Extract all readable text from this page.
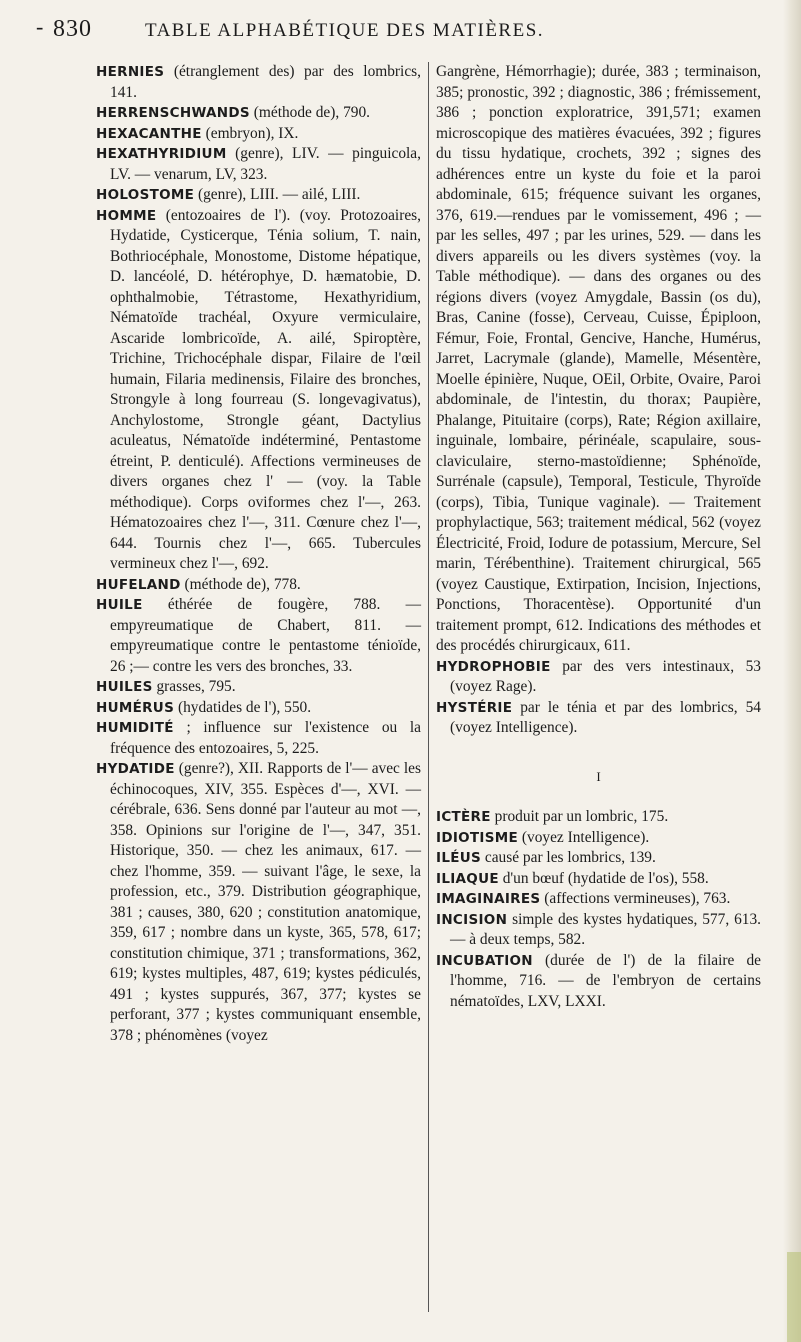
- 830	TABLE ALPHABÉTIQUE DES MATIÈRES.
HERNIES (étranglement des) par des lombrics, 141.
HERRENSCHWANDS (méthode de), 790.
HEXACANTHE (embryon), IX.
HEXATHYRIDIUM (genre), LIV. — pinguicola, LV. — venarum, LV, 323.
HOLOSTOME (genre), LIII. — ailé, LIII.
HOMME (entozoaires de l'). (voy. Protozoaires, Hydatide, Cysticerque, Ténia solium, T. nain, Bothriocéphale, Monostome, Distome hépatique, D. lancéolé, D. hétérophye, D. hæmatobie, D. ophthalmobie, Tétrastome, Hexathyridium, Nématoïde trachéal, Oxyure vermiculaire, Ascaride lombricoïde, A. ailé, Spiroptère, Trichine, Trichocéphale dispar, Filaire de l'œil humain, Filaria medinensis, Filaire des bronches, Strongyle à long fourreau (S. longevagivatus), Anchylostome, Strongle géant, Dactylius aculeatus, Nématoïde indéterminé, Pentastome étreint, P. denticulé). Affections vermineuses de divers organes chez l' — (voy. la Table méthodique). Corps oviformes chez l'—, 263. Hématozoaires chez l'—, 311. Cœnure chez l'—, 644. Tournis chez l'—, 665. Tubercules vermineux chez l'—, 692.
HUFELAND (méthode de), 778.
HUILE éthérée de fougère, 788. — empyreumatique de Chabert, 811. — empyreumatique contre le pentastome ténioïde, 26 ;— contre les vers des bronches, 33.
HUILES grasses, 795.
HUMÉRUS (hydatides de l'), 550.
HUMIDITÉ ; influence sur l'existence ou la fréquence des entozoaires, 5, 225.
HYDATIDE (genre?), XII. Rapports de l'— avec les échinocoques, XIV, 355. Espèces d'—, XVI. — cérébrale, 636. Sens donné par l'auteur au mot —, 358. Opinions sur l'origine de l'—, 347, 351. Historique, 350. — chez les animaux, 617. — chez l'homme, 359. — suivant l'âge, le sexe, la profession, etc., 379. Distribution géographique, 381 ; causes, 380, 620 ; constitution anatomique, 359, 617 ; nombre dans un kyste, 365, 578, 617; constitution chimique, 371 ; transformations, 362, 619; kystes multiples, 487, 619; kystes pédiculés, 491 ; kystes suppurés, 367, 377; kystes se perforant, 377 ; kystes communiquant ensemble, 378 ; phénomènes (voyez
Gangrène, Hémorrhagie); durée, 383 ; terminaison, 385; pronostic, 392 ; diagnostic, 386 ; frémissement, 386 ; ponction exploratrice, 391,571; examen microscopique des matières évacuées, 392 ; figures du tissu hydatique, crochets, 392 ; signes des adhérences entre un kyste du foie et la paroi abdominale, 615; fréquence suivant les organes, 376, 619.—rendues par le vomissement, 496 ; — par les selles, 497 ; par les urines, 529. — dans les divers appareils ou les divers systèmes (voy. la Table méthodique). — dans des organes ou des régions divers (voyez Amygdale, Bassin (os du), Bras, Canine (fosse), Cerveau, Cuisse, Épiploon, Fémur, Foie, Frontal, Gencive, Hanche, Humérus, Jarret, Lacrymale (glande), Mamelle, Mésentère, Moelle épinière, Nuque, OEil, Orbite, Ovaire, Paroi abdominale, de l'intestin, du thorax; Paupière, Phalange, Pituitaire (corps), Rate; Région axillaire, inguinale, lombaire, périnéale, scapulaire, sous-claviculaire, sterno-mastoïdienne; Sphénoïde, Surrénale (capsule), Temporal, Testicule, Thyroïde (corps), Tibia, Tunique vaginale). — Traitement prophylactique, 563; traitement médical, 562 (voyez Électricité, Froid, Iodure de potassium, Mercure, Sel marin, Térébenthine). Traitement chirurgical, 565 (voyez Caustique, Extirpation, Incision, Injections, Ponctions, Thoracentèse). Opportunité d'un traitement prompt, 612. Indications des méthodes et des procédés chirurgicaux, 611.
HYDROPHOBIE par des vers intestinaux, 53 (voyez Rage).
HYSTÉRIE par le ténia et par des lombrics, 54 (voyez Intelligence).
I
ICTÈRE produit par un lombric, 175.
IDIOTISME (voyez Intelligence).
ILÉUS causé par les lombrics, 139.
ILIAQUE d'un bœuf (hydatide de l'os), 558.
IMAGINAIRES (affections vermineuses), 763.
INCISION simple des kystes hydatiques, 577, 613. — à deux temps, 582.
INCUBATION (durée de l') de la filaire de l'homme, 716. — de l'embryon de certains nématoïdes, LXV, LXXI.
